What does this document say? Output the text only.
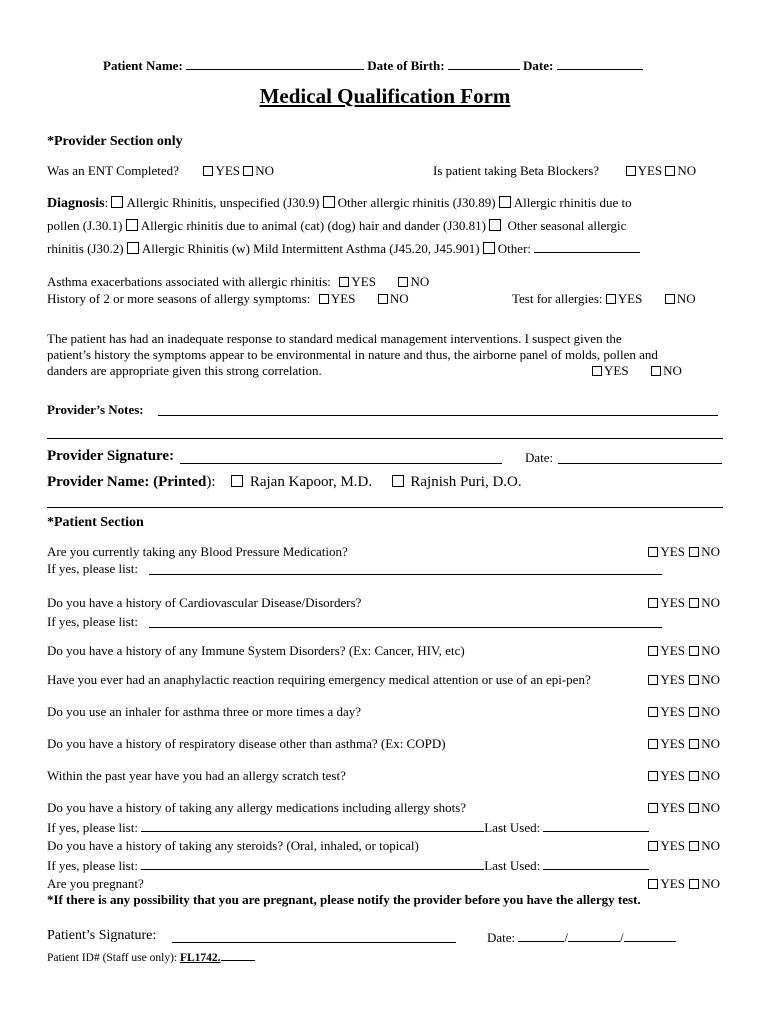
Patient Name:	Date of Birth:	Date:
Medical Qualification Form
*Provider Section only
Was an ENT Completed?	YES NO	Is patient taking Beta Blockers?	YES NO
Diagnosis: Allergic Rhinitis, unspecified (J30.9) Other allergic rhinitis (J30.89) Allergic rhinitis due to
pollen (J.30.1) Allergic rhinitis due to animal (cat) (dog) hair and dander (J30.81) Other seasonal allergic
rhinitis (J30.2) Allergic Rhinitis (w) Mild Intermittent Asthma (J45.20, J45.901) Other:
Asthma exacerbations associated with allergic rhinitis: YES	NO
History of 2 or more seasons of allergy symptoms: YES	NO	Test for allergies: YES	NO
The patient has had an inadequate response to standard medical management interventions. I suspect given the
patient’s history the symptoms appear to be environmental in nature and thus, the airborne panel of molds, pollen and
danders are appropriate given this strong correlation.	YES	NO
Provider’s Notes:
Provider Signature:	Date:
Provider Name: (Printed): Rajan Kapoor, M.D.	Rajnish Puri, D.O.
*Patient Section
Are you currently taking any Blood Pressure Medication?	YES NO
If yes, please list:
Do you have a history of Cardiovascular Disease/Disorders?	YES NO
If yes, please list:
Do you have a history of any Immune System Disorders? (Ex: Cancer, HIV, etc)	YES NO
Have you ever had an anaphylactic reaction requiring emergency medical attention or use of an epi-pen?	YES NO
Do you use an inhaler for asthma three or more times a day?	YES NO
Do you have a history of respiratory disease other than asthma? (Ex: COPD)	YES NO
Within the past year have you had an allergy scratch test?	YES NO
Do you have a history of taking any allergy medications including allergy shots?	YES NO
If yes, please list:	Last Used:
Do you have a history of taking any steroids? (Oral, inhaled, or topical)	YES NO
If yes, please list:	Last Used:
Are you pregnant?	YES NO
*If there is any possibility that you are pregnant, please notify the provider before you have the allergy test.
Patient’s Signature:	Date:	/	/
Patient ID# (Staff use only): FL1742.
